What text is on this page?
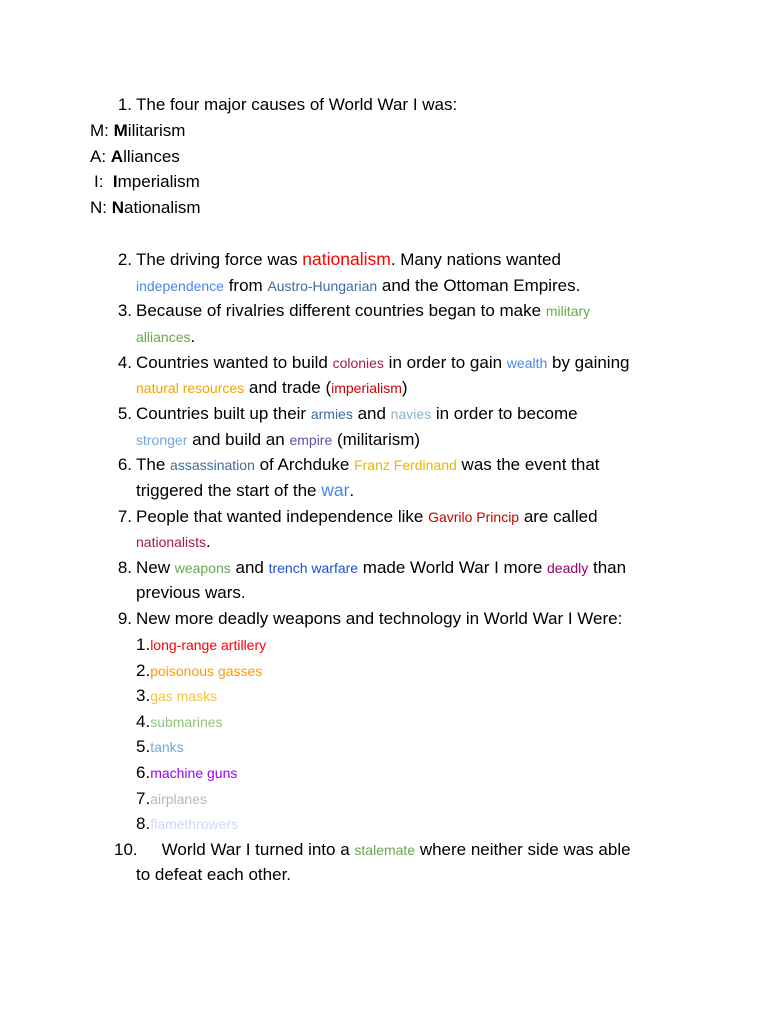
1. The four major causes of World War I was:
M: Militarism
A: Alliances
I: Imperialism
N: Nationalism
2. The driving force was nationalism. Many nations wanted
independence from Austro-Hungarian and the Ottoman Empires.
3. Because of rivalries different countries began to make military
alliances.
4. Countries wanted to build colonies in order to gain wealth by gaining
natural resources and trade (imperialism)
5. Countries built up their armies and navies in order to become
stronger and build an empire (militarism)
6. The assassination of Archduke Franz Ferdinand was the event that
triggered the start of the war.
7. People that wanted independence like Gavrilo Princip are called
nationalists.
8. New weapons and trench warfare made World War I more deadly than
previous wars.
9. New more deadly weapons and technology in World War I Were:
1.long-range artillery
2.poisonous gasses
3.gas masks
4.submarines
5.tanks
6.machine guns
7.airplanes
8.flamethrowers
10. World War I turned into a stalemate where neither side was able
to defeat each other.
